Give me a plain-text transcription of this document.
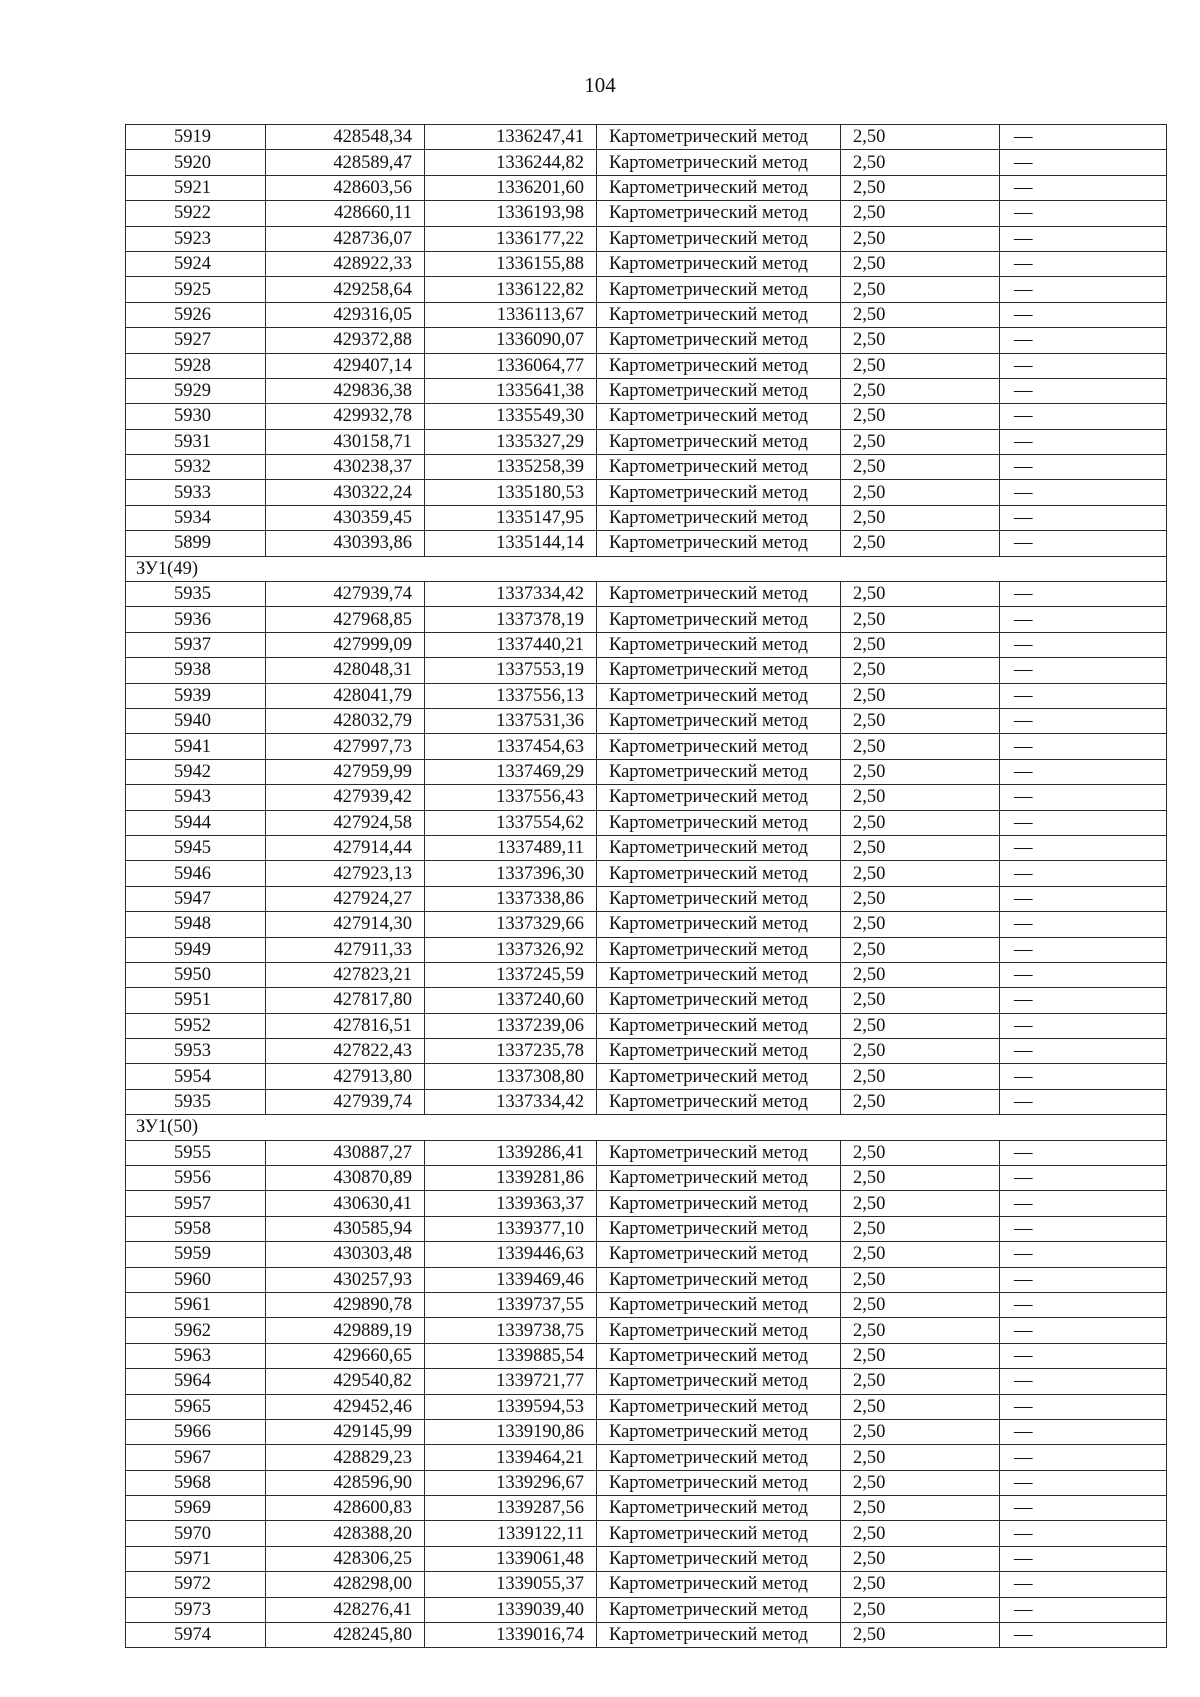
104
5919	428548,34	1336247,41	Картометрический метод	2,50	—
5920	428589,47	1336244,82	Картометрический метод	2,50	—
5921	428603,56	1336201,60	Картометрический метод	2,50	—
5922	428660,11	1336193,98	Картометрический метод	2,50	—
5923	428736,07	1336177,22	Картометрический метод	2,50	—
5924	428922,33	1336155,88	Картометрический метод	2,50	—
5925	429258,64	1336122,82	Картометрический метод	2,50	—
5926	429316,05	1336113,67	Картометрический метод	2,50	—
5927	429372,88	1336090,07	Картометрический метод	2,50	—
5928	429407,14	1336064,77	Картометрический метод	2,50	—
5929	429836,38	1335641,38	Картометрический метод	2,50	—
5930	429932,78	1335549,30	Картометрический метод	2,50	—
5931	430158,71	1335327,29	Картометрический метод	2,50	—
5932	430238,37	1335258,39	Картометрический метод	2,50	—
5933	430322,24	1335180,53	Картометрический метод	2,50	—
5934	430359,45	1335147,95	Картометрический метод	2,50	—
5899	430393,86	1335144,14	Картометрический метод	2,50	—
ЗУ1(49)					
5935	427939,74	1337334,42	Картометрический метод	2,50	—
5936	427968,85	1337378,19	Картометрический метод	2,50	—
5937	427999,09	1337440,21	Картометрический метод	2,50	—
5938	428048,31	1337553,19	Картометрический метод	2,50	—
5939	428041,79	1337556,13	Картометрический метод	2,50	—
5940	428032,79	1337531,36	Картометрический метод	2,50	—
5941	427997,73	1337454,63	Картометрический метод	2,50	—
5942	427959,99	1337469,29	Картометрический метод	2,50	—
5943	427939,42	1337556,43	Картометрический метод	2,50	—
5944	427924,58	1337554,62	Картометрический метод	2,50	—
5945	427914,44	1337489,11	Картометрический метод	2,50	—
5946	427923,13	1337396,30	Картометрический метод	2,50	—
5947	427924,27	1337338,86	Картометрический метод	2,50	—
5948	427914,30	1337329,66	Картометрический метод	2,50	—
5949	427911,33	1337326,92	Картометрический метод	2,50	—
5950	427823,21	1337245,59	Картометрический метод	2,50	—
5951	427817,80	1337240,60	Картометрический метод	2,50	—
5952	427816,51	1337239,06	Картометрический метод	2,50	—
5953	427822,43	1337235,78	Картометрический метод	2,50	—
5954	427913,80	1337308,80	Картометрический метод	2,50	—
5935	427939,74	1337334,42	Картометрический метод	2,50	—
ЗУ1(50)					
5955	430887,27	1339286,41	Картометрический метод	2,50	—
5956	430870,89	1339281,86	Картометрический метод	2,50	—
5957	430630,41	1339363,37	Картометрический метод	2,50	—
5958	430585,94	1339377,10	Картометрический метод	2,50	—
5959	430303,48	1339446,63	Картометрический метод	2,50	—
5960	430257,93	1339469,46	Картометрический метод	2,50	—
5961	429890,78	1339737,55	Картометрический метод	2,50	—
5962	429889,19	1339738,75	Картометрический метод	2,50	—
5963	429660,65	1339885,54	Картометрический метод	2,50	—
5964	429540,82	1339721,77	Картометрический метод	2,50	—
5965	429452,46	1339594,53	Картометрический метод	2,50	—
5966	429145,99	1339190,86	Картометрический метод	2,50	—
5967	428829,23	1339464,21	Картометрический метод	2,50	—
5968	428596,90	1339296,67	Картометрический метод	2,50	—
5969	428600,83	1339287,56	Картометрический метод	2,50	—
5970	428388,20	1339122,11	Картометрический метод	2,50	—
5971	428306,25	1339061,48	Картометрический метод	2,50	—
5972	428298,00	1339055,37	Картометрический метод	2,50	—
5973	428276,41	1339039,40	Картометрический метод	2,50	—
5974	428245,80	1339016,74	Картометрический метод	2,50	—
